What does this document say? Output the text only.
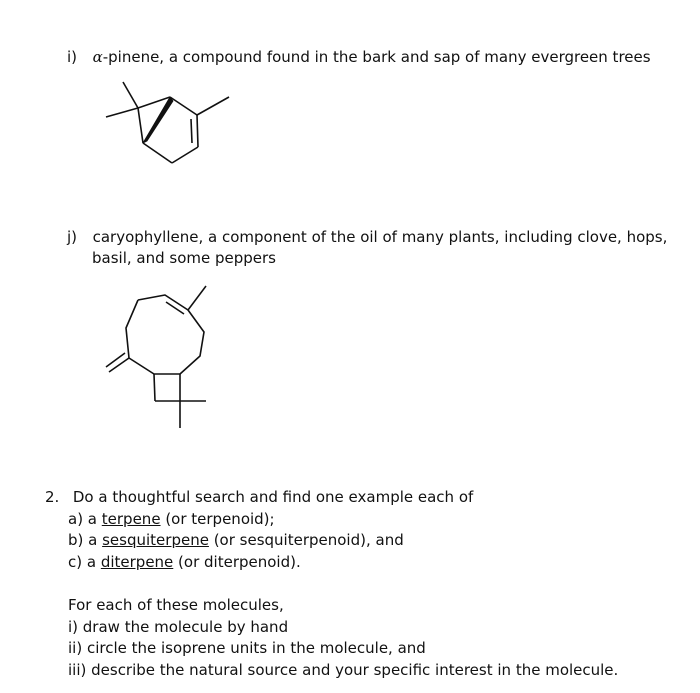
i) α-pinene, a compound found in the bark and sap of many evergreen trees
j) caryophyllene, a component of the oil of many plants, including clove, hops,
basil, and some peppers
2. Do a thoughtful search and find one example each of
a) a terpene (or terpenoid);
b) a sesquiterpene (or sesquiterpenoid), and
c) a diterpene (or diterpenoid).
For each of these molecules,
i) draw the molecule by hand
ii) circle the isoprene units in the molecule, and
iii) describe the natural source and your specific interest in the molecule.
